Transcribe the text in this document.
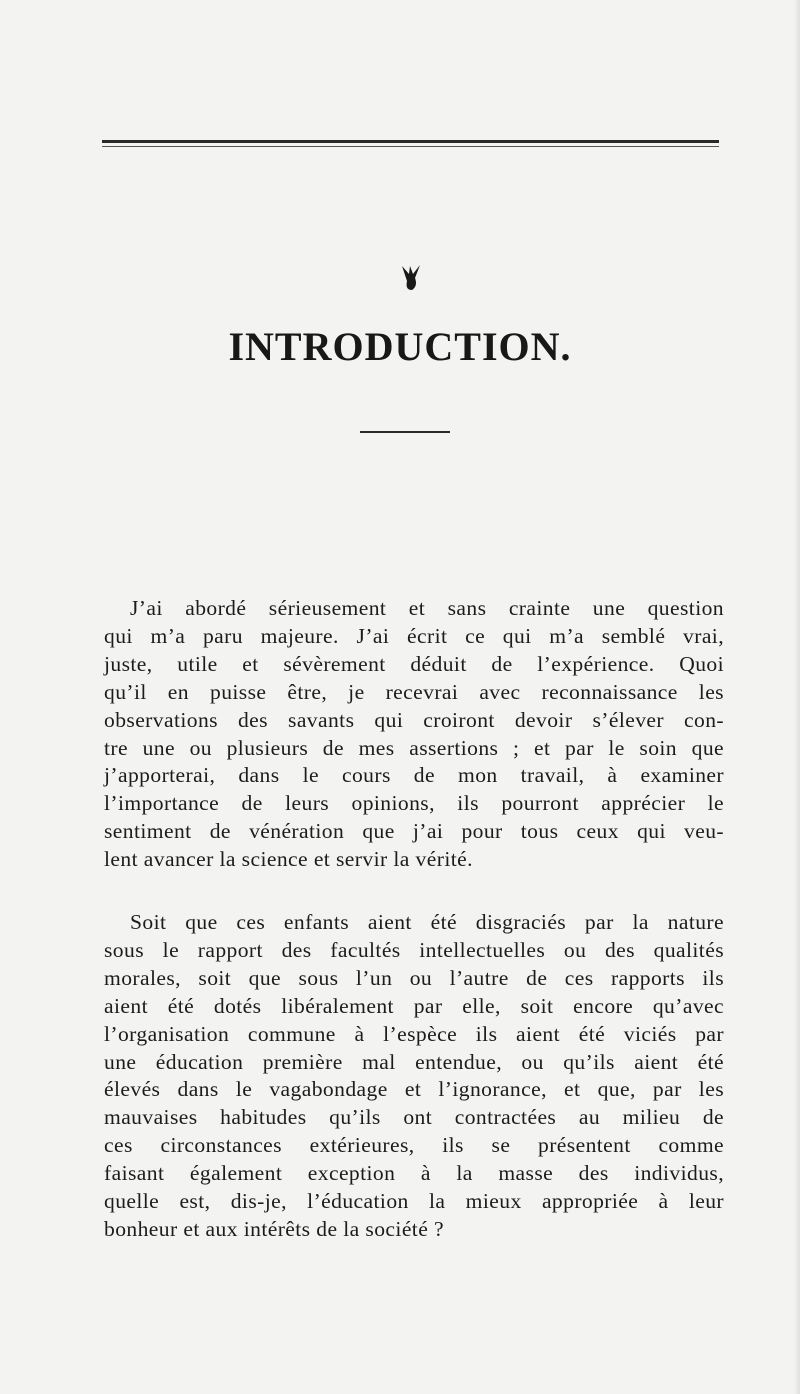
INTRODUCTION.

J’ai abordé sérieusement et sans crainte une question
qui m’a paru majeure. J’ai écrit ce qui m’a semblé vrai,
juste, utile et sévèrement déduit de l’expérience. Quoi
qu’il en puisse être, je recevrai avec reconnaissance les
observations des savants qui croiront devoir s’élever con-
tre une ou plusieurs de mes assertions ; et par le soin que
j’apporterai, dans le cours de mon travail, à examiner
l’importance de leurs opinions, ils pourront apprécier le
sentiment de vénération que j’ai pour tous ceux qui veu-
lent avancer la science et servir la vérité.

Soit que ces enfants aient été disgraciés par la nature
sous le rapport des facultés intellectuelles ou des qualités
morales, soit que sous l’un ou l’autre de ces rapports ils
aient été dotés libéralement par elle, soit encore qu’avec
l’organisation commune à l’espèce ils aient été viciés par
une éducation première mal entendue, ou qu’ils aient été
élevés dans le vagabondage et l’ignorance, et que, par les
mauvaises habitudes qu’ils ont contractées au milieu de
ces circonstances extérieures, ils se présentent comme
faisant également exception à la masse des individus,
quelle est, dis-je, l’éducation la mieux appropriée à leur
bonheur et aux intérêts de la société ?
